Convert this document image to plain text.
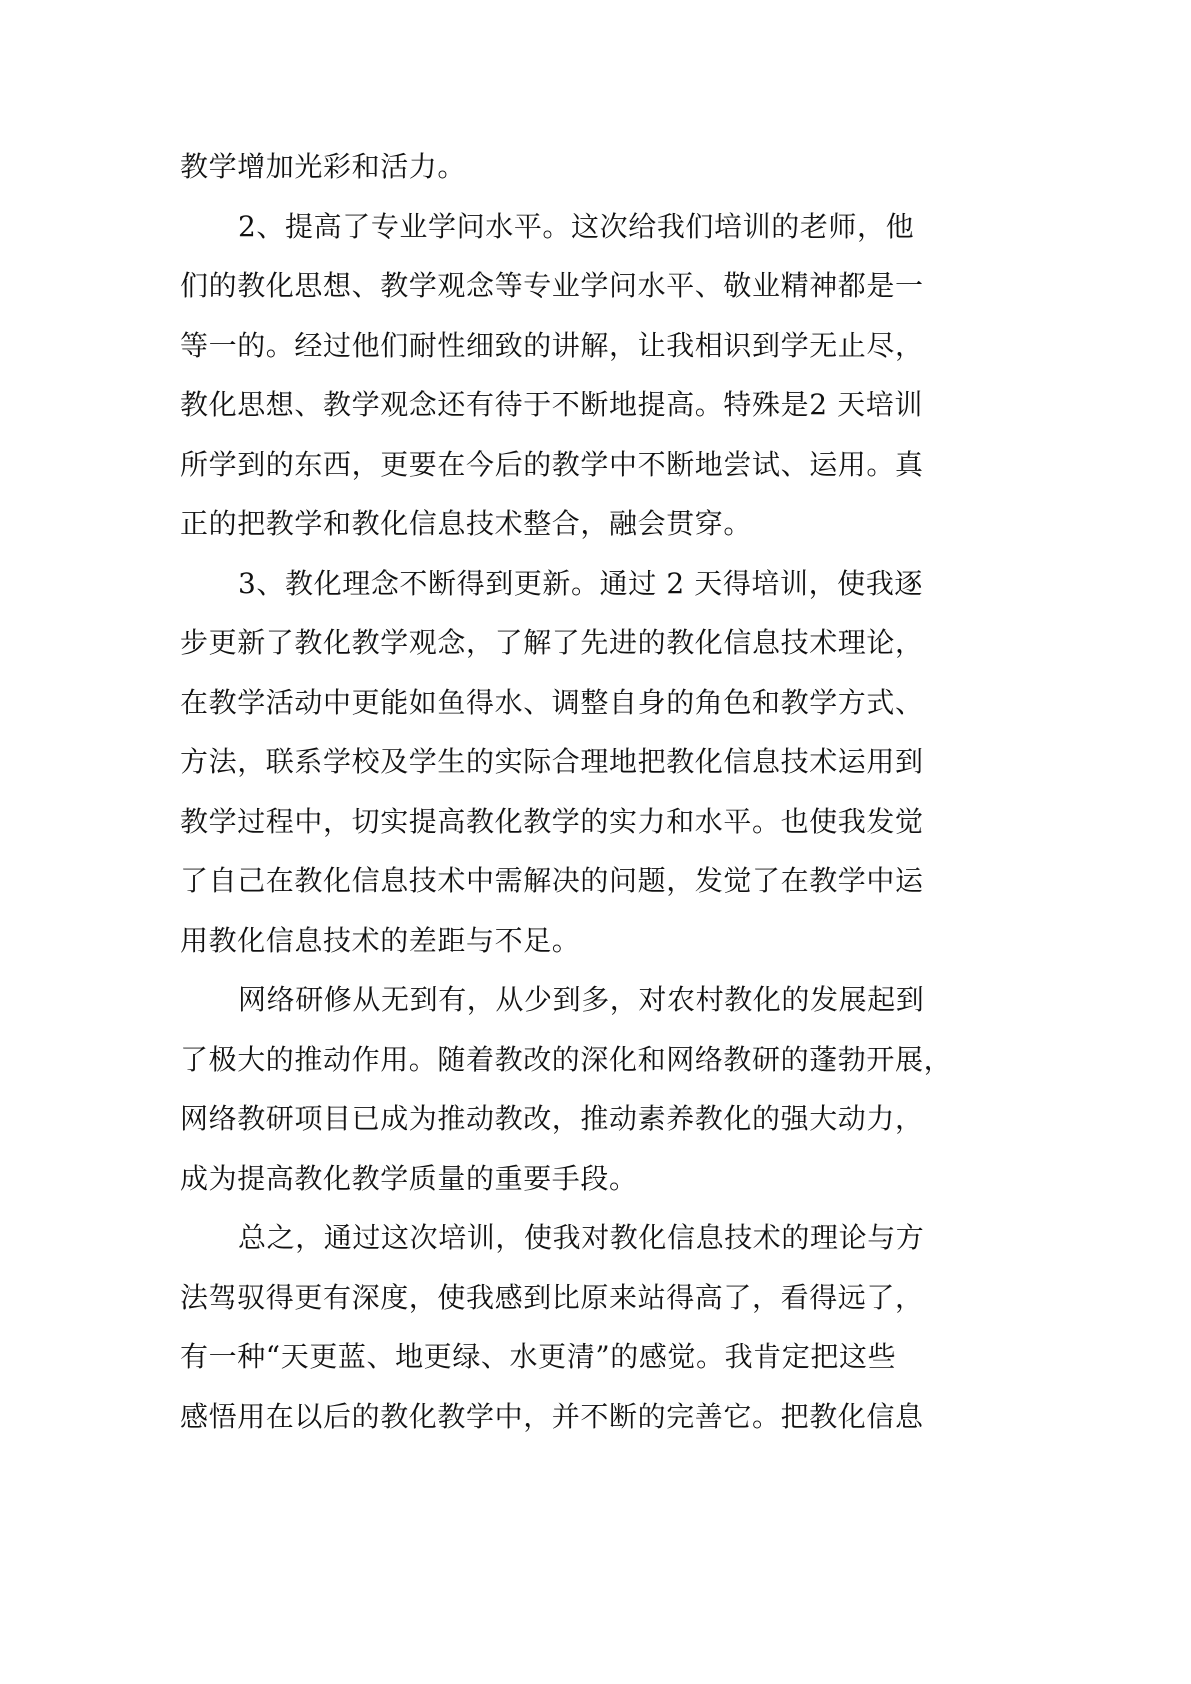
教学增加光彩和活力。
2、提高了专业学问水平。这次给我们培训的老师，他
们的教化思想、教学观念等专业学问水平、敬业精神都是一
等一的。经过他们耐性细致的讲解，让我相识到学无止尽，
教化思想、教学观念还有待于不断地提高。特殊是2 天培训
所学到的东西，更要在今后的教学中不断地尝试、运用。真
正的把教学和教化信息技术整合，融会贯穿。
3、教化理念不断得到更新。通过 2 天得培训，使我逐
步更新了教化教学观念，了解了先进的教化信息技术理论，
在教学活动中更能如鱼得水、调整自身的角色和教学方式、
方法，联系学校及学生的实际合理地把教化信息技术运用到
教学过程中，切实提高教化教学的实力和水平。也使我发觉
了自己在教化信息技术中需解决的问题，发觉了在教学中运
用教化信息技术的差距与不足。
网络研修从无到有，从少到多，对农村教化的发展起到
了极大的推动作用。随着教改的深化和网络教研的蓬勃开展，
网络教研项目已成为推动教改，推动素养教化的强大动力，
成为提高教化教学质量的重要手段。
总之，通过这次培训，使我对教化信息技术的理论与方
法驾驭得更有深度，使我感到比原来站得高了，看得远了，
有一种“天更蓝、地更绿、水更清”的感觉。我肯定把这些
感悟用在以后的教化教学中，并不断的完善它。把教化信息
